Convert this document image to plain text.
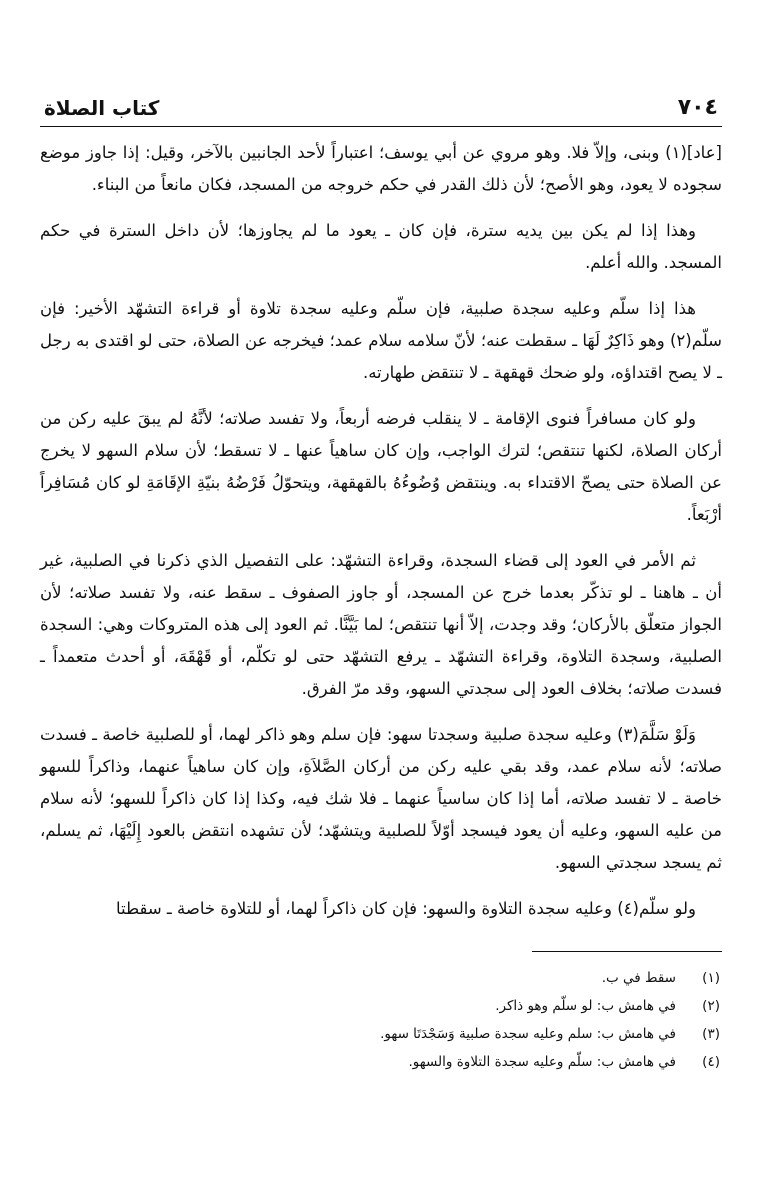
٧٠٤
كتاب الصلاة

[عاد](١) وبنى، وإلاّ فلا. وهو مروي عن أبي يوسف؛ اعتباراً لأحد الجانبين بالآخر، وقيل: إذا جاوز موضع سجوده لا يعود، وهو الأصح؛ لأن ذلك القدر في حكم خروجه من المسجد، فكان مانعاً من البناء.

وهذا إذا لم يكن بين يديه سترة، فإن كان ـ يعود ما لم يجاوزها؛ لأن داخل السترة في حكم المسجد. والله أعلم.

هذا إذا سلّم وعليه سجدة صلبية، فإن سلّم وعليه سجدة تلاوة أو قراءة التشهّد الأخير: فإن سلّم(٢) وهو ذَاكِرٌ لَهَا ـ سقطت عنه؛ لأنّ سلامه سلام عمد؛ فيخرجه عن الصلاة، حتى لو اقتدى به رجل ـ لا يصح اقتداؤه، ولو ضحك قهقهة ـ لا تنتقض طهارته.

ولو كان مسافراً فنوى الإقامة ـ لا ينقلب فرضه أربعاً، ولا تفسد صلاته؛ لأنَّهُ لم يبقَ عليه ركن من أركان الصلاة، لكنها تنتقص؛ لترك الواجب، وإن كان ساهياً عنها ـ لا تسقط؛ لأن سلام السهو لا يخرج عن الصلاة حتى يصحّ الاقتداء به. وينتقض وُضُوءُهُ بالقهقهة، ويتحوّلُ فَرْضُهُ بنيّةِ الإقَامَةِ لو كان مُسَافِراً أرْبَعاً.

ثم الأمر في العود إلى قضاء السجدة، وقراءة التشهّد: على التفصيل الذي ذكرنا في الصلبية، غير أن ـ هاهنا ـ لو تذكّر بعدما خرج عن المسجد، أو جاوز الصفوف ـ سقط عنه، ولا تفسد صلاته؛ لأن الجواز متعلّق بالأركان؛ وقد وجدت، إلاّ أنها تنتقص؛ لما بَيَّنَّا. ثم العود إلى هذه المتروكات وهي: السجدة الصلبية، وسجدة التلاوة، وقراءة التشهّد ـ يرفع التشهّد حتى لو تكلّم، أو قَهْقَهَ، أو أحدث متعمداً ـ فسدت صلاته؛ بخلاف العود إلى سجدتي السهو، وقد مرّ الفرق.

وَلَوْ سَلَّمَ(٣) وعليه سجدة صلبية وسجدتا سهو: فإن سلم وهو ذاكر لهما، أو للصلبية خاصة ـ فسدت صلاته؛ لأنه سلام عمد، وقد بقي عليه ركن من أركان الصَّلاَةِ، وإن كان ساهياً عنهما، وذاكراً للسهو خاصة ـ لا تفسد صلاته، أما إذا كان ساسياً عنهما ـ فلا شك فيه، وكذا إذا كان ذاكراً للسهو؛ لأنه سلام من عليه السهو، وعليه أن يعود فيسجد أوّلاً للصلبية ويتشهّد؛ لأن تشهده انتقض بالعود إِلَيْهَا، ثم يسلم، ثم يسجد سجدتي السهو.

ولو سلّم(٤) وعليه سجدة التلاوة والسهو: فإن كان ذاكراً لهما، أو للتلاوة خاصة ـ سقطتا

(١)
سقط في ب.
(٢)
في هامش ب: لو سلّم وهو ذاكر.
(٣)
في هامش ب: سلم وعليه سجدة صلبية وَسَجْدَتَا سهو.
(٤)
في هامش ب: سلّم وعليه سجدة التلاوة والسهو.
